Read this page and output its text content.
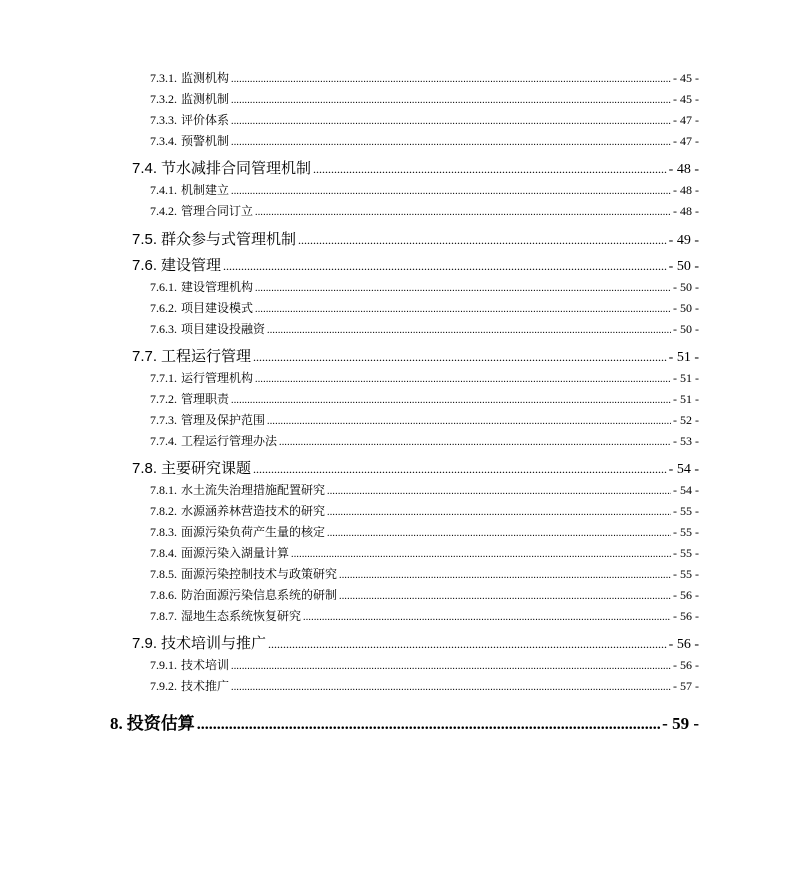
7.3.1. 监测机构 .....	- 45 -
7.3.2. 监测机制 .....	- 45 -
7.3.3. 评价体系 .....	- 47 -
7.3.4. 预警机制 .....	- 47 -
7.4. 节水减排合同管理机制 .....	- 48 -
7.4.1. 机制建立 .....	- 48 -
7.4.2. 管理合同订立 .....	- 48 -
7.5. 群众参与式管理机制 .....	- 49 -
7.6. 建设管理 .....	- 50 -
7.6.1. 建设管理机构 .....	- 50 -
7.6.2. 项目建设模式 .....	- 50 -
7.6.3. 项目建设投融资 .....	- 50 -
7.7. 工程运行管理 .....	- 51 -
7.7.1. 运行管理机构 .....	- 51 -
7.7.2. 管理职责 .....	- 51 -
7.7.3. 管理及保护范围 .....	- 52 -
7.7.4. 工程运行管理办法 .....	- 53 -
7.8. 主要研究课题 .....	- 54 -
7.8.1. 水土流失治理措施配置研究 .....	- 54 -
7.8.2. 水源涵养林营造技术的研究 .....	- 55 -
7.8.3. 面源污染负荷产生量的核定 .....	- 55 -
7.8.4. 面源污染入湖量计算 .....	- 55 -
7.8.5. 面源污染控制技术与政策研究 .....	- 55 -
7.8.6. 防治面源污染信息系统的研制 .....	- 56 -
7.8.7. 湿地生态系统恢复研究 .....	- 56 -
7.9. 技术培训与推广 .....	- 56 -
7.9.1. 技术培训 .....	- 56 -
7.9.2. 技术推广 .....	- 57 -
8. 投资估算 .....	- 59 -
